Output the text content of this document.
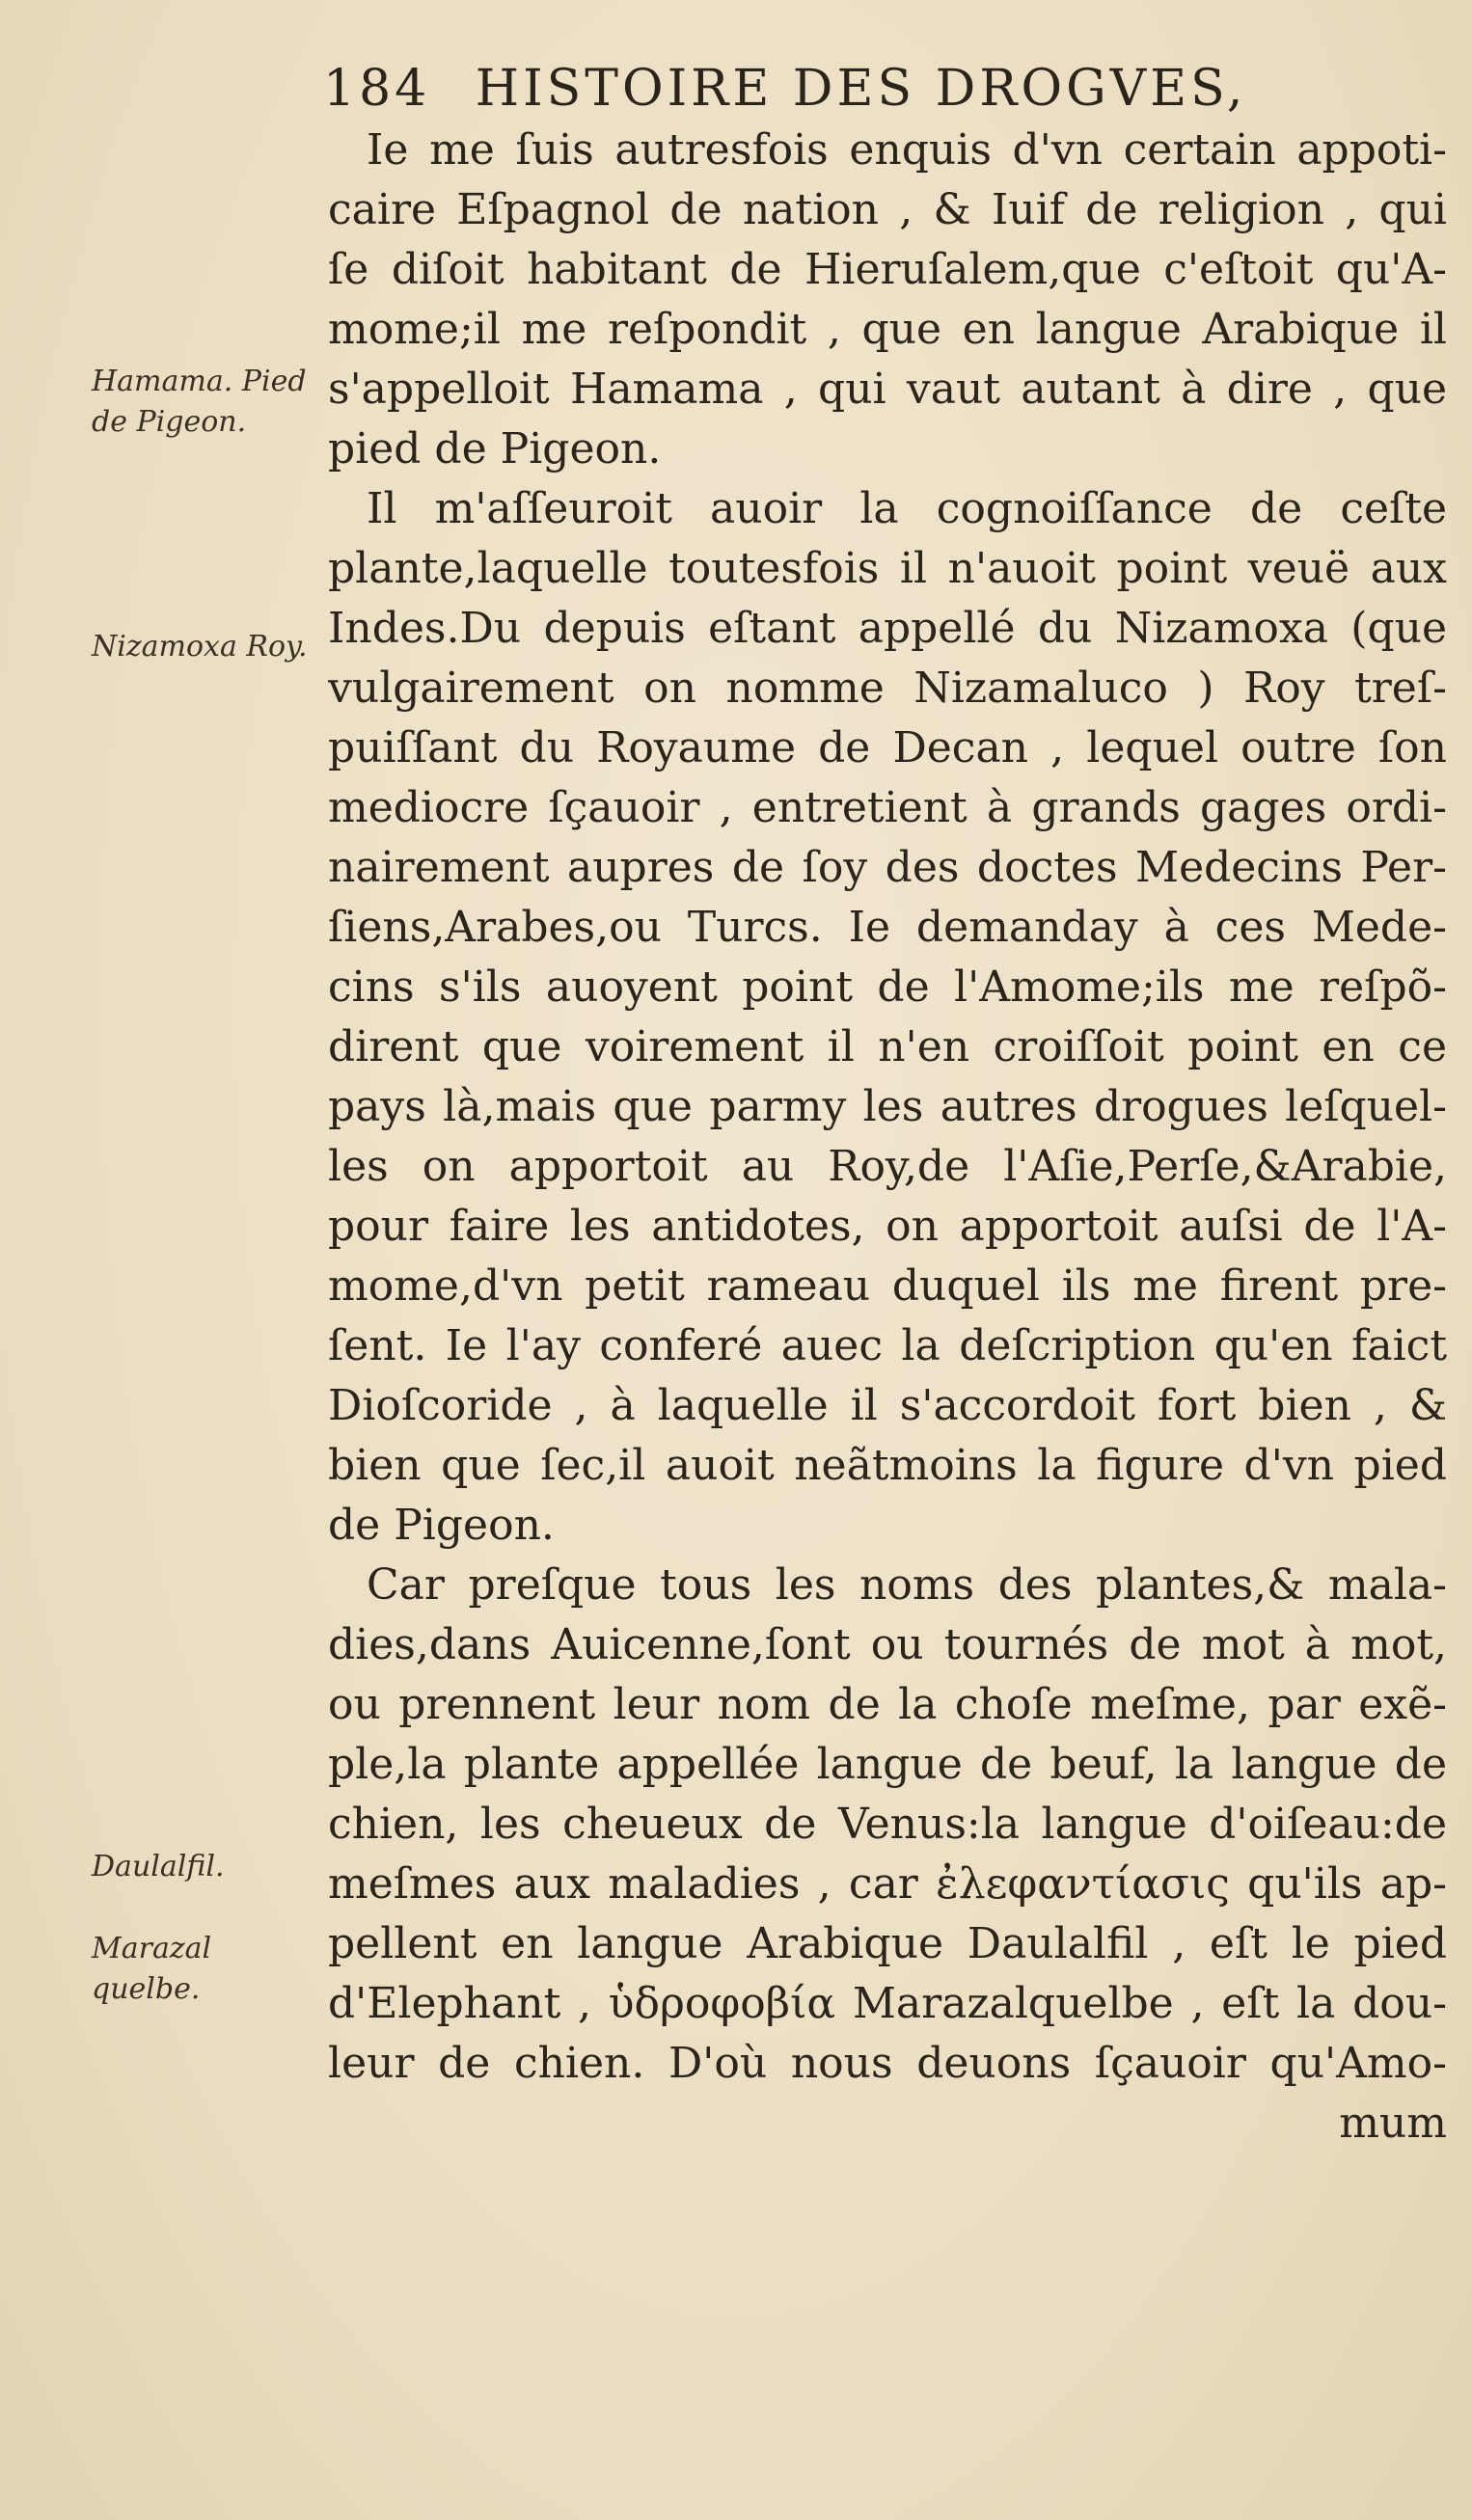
184 HISTOIRE DES DROGVES,
Hamama. Pied de Pigeon.
Nizamoxa Roy.
Daulalfil.
Marazal quelbe.
Ie me ſuis autresfois enquis d'vn certain appoti-
caire Eſpagnol de nation , & Iuif de religion , qui
ſe diſoit habitant de Hieruſalem,que c'eſtoit qu'A-
mome;il me reſpondit , que en langue Arabique il
s'appelloit Hamama , qui vaut autant à dire , que
pied de Pigeon.
Il m'aſſeuroit auoir la cognoiſſance de ceſte
plante,laquelle toutesfois il n'auoit point veuë aux
Indes.Du depuis eſtant appellé du Nizamoxa (que
vulgairement on nomme Nizamaluco ) Roy treſ-
puiſſant du Royaume de Decan , lequel outre ſon
mediocre ſçauoir , entretient à grands gages ordi-
nairement aupres de ſoy des doctes Medecins Per-
ſiens,Arabes,ou Turcs. Ie demanday à ces Mede-
cins s'ils auoyent point de l'Amome;ils me reſpõ-
dirent que voirement il n'en croiſſoit point en ce
pays là,mais que parmy les autres drogues leſquel-
les on apportoit au Roy,de l'Aſie,Perſe,&Arabie,
pour faire les antidotes, on apportoit auſsi de l'A-
mome,d'vn petit rameau duquel ils me firent pre-
ſent. Ie l'ay conferé auec la deſcription qu'en faict
Dioſcoride , à laquelle il s'accordoit fort bien , &
bien que ſec,il auoit neãtmoins la figure d'vn pied
de Pigeon.
Car preſque tous les noms des plantes,& mala-
dies,dans Auicenne,ſont ou tournés de mot à mot,
ou prennent leur nom de la choſe meſme, par exẽ-
ple,la plante appellée langue de beuf, la langue de
chien, les cheueux de Venus:la langue d'oiſeau:de
meſmes aux maladies , car ἐλεφαντίασις qu'ils ap-
pellent en langue Arabique Daulalfil , eſt le pied
d'Elephant , ὑδροφοβία Marazalquelbe , eſt la dou-
leur de chien. D'où nous deuons ſçauoir qu'Amo-
mum
